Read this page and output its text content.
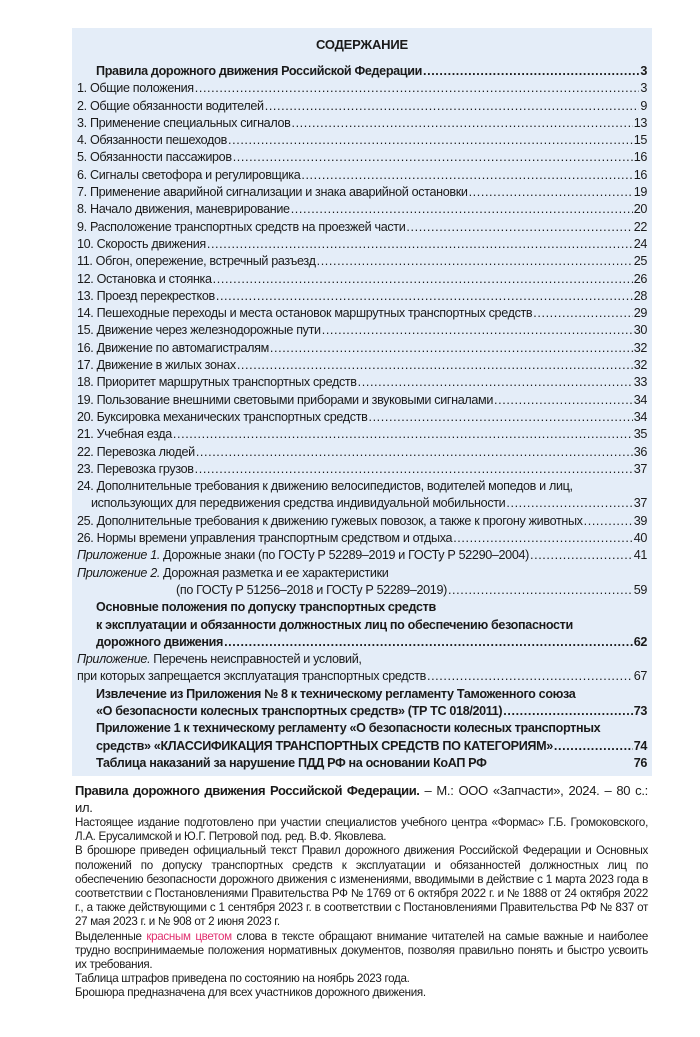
СОДЕРЖАНИЕ
Правила дорожного движения Российской Федерации .....	3
1. Общие положения .....	3
2. Общие обязанности водителей .....	9
3. Применение специальных сигналов .....	13
4. Обязанности пешеходов .....	15
5. Обязанности пассажиров .....	16
6. Сигналы светофора и регулировщика .....	16
7. Применение аварийной сигнализации и знака аварийной остановки .....	19
8. Начало движения, маневрирование .....	20
9. Расположение транспортных средств на проезжей части .....	22
10. Скорость движения .....	24
11. Обгон, опережение, встречный разъезд .....	25
12. Остановка и стоянка .....	26
13. Проезд перекрестков .....	28
14. Пешеходные переходы и места остановок маршрутных транспортных средств .....	29
15. Движение через железнодорожные пути .....	30
16. Движение по автомагистралям .....	32
17. Движение в жилых зонах .....	32
18. Приоритет маршрутных транспортных средств .....	33
19. Пользование внешними световыми приборами и звуковыми сигналами .....	34
20. Буксировка механических транспортных средств .....	34
21. Учебная езда .....	35
22. Перевозка людей .....	36
23. Перевозка грузов .....	37
24. Дополнительные требования к движению велосипедистов, водителей мопедов и лиц,
использующих для передвижения средства индивидуальной мобильности .....	37
25. Дополнительные требования к движению гужевых повозок, а также к прогону животных .....	39
26. Нормы времени управления транспортным средством и отдыха .....	40
Приложение 1. Дорожные знаки (по ГОСТу Р 52289–2019 и ГОСТу Р 52290–2004) .....	41
Приложение 2. Дорожная разметка и ее характеристики
(по ГОСТу Р 51256–2018 и ГОСТу Р 52289–2019) .....	59
Основные положения по допуску транспортных средств
к эксплуатации и обязанности должностных лиц по обеспечению безопасности
дорожного движения .....	62
Приложение. Перечень неисправностей и условий,
при которых запрещается эксплуатация транспортных средств .....	67
Извлечение из Приложения № 8 к техническому регламенту Таможенного союза
«О безопасности колесных транспортных средств» (ТР ТС 018/2011) .....	73
Приложение 1 к техническому регламенту «О безопасности колесных транспортных
средств» «КЛАССИФИКАЦИЯ ТРАНСПОРТНЫХ СРЕДСТВ ПО КАТЕГОРИЯМ» .....	74
Таблица наказаний за нарушение ПДД РФ на основании КоАП РФ	76

Правила дорожного движения Российской Федерации. – М.: ООО «Запчасти», 2024. – 80 с.: ил.

Настоящее издание подготовлено при участии специалистов учебного центра «Формас» Г.Б. Громоковского, Л.А. Ерусалимской и Ю.Г. Петровой под. ред. В.Ф. Яковлева.

В брошюре приведен официальный текст Правил дорожного движения Российской Федерации и Основных положений по допуску транспортных средств к эксплуатации и обязанностей должностных лиц по обеспечению безопасности дорожного движения с изменениями, вводимыми в действие с 1 марта 2023 года в соответствии с Постановлениями Правительства РФ № 1769 от 6 октября 2022 г. и № 1888 от 24 октября 2022 г., а также действующими с 1 сентября 2023 г. в соответствии с Постановлениями Правительства РФ № 837 от 27 мая 2023 г. и № 908 от 2 июня 2023 г.

Выделенные красным цветом слова в тексте обращают внимание читателей на самые важные и наиболее трудно воспринимаемые положения нормативных документов, позволяя правильно понять и быстро усвоить их требования.

Таблица штрафов приведена по состоянию на ноябрь 2023 года.

Брошюра предназначена для всех участников дорожного движения.
